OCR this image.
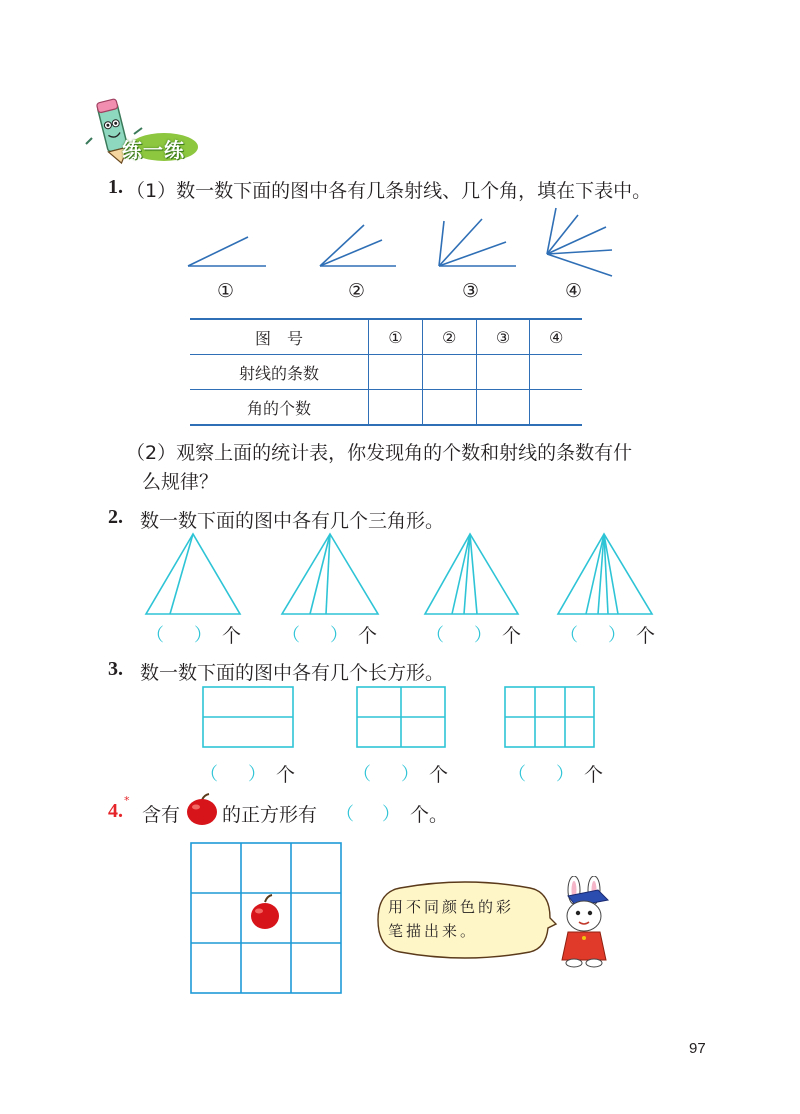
练一练
1. （1）数一数下面的图中各有几条射线、几个角，填在下表中。
①	②	③	④
图　号	①	②	③	④
射线的条数				
角的个数				
（2）观察上面的统计表，你发现角的个数和射线的条数有什
么规律？
2. 数一数下面的图中各有几个三角形。
（ ） 个 （ ） 个	（ ） 个 （ ） 个
3. 数一数下面的图中各有几个长方形。
（ ） 个	（ ） 个	（ ） 个
4. *
含有 的正方形有 （ ） 个。
用不同颜色的彩
笔描出来。
97
